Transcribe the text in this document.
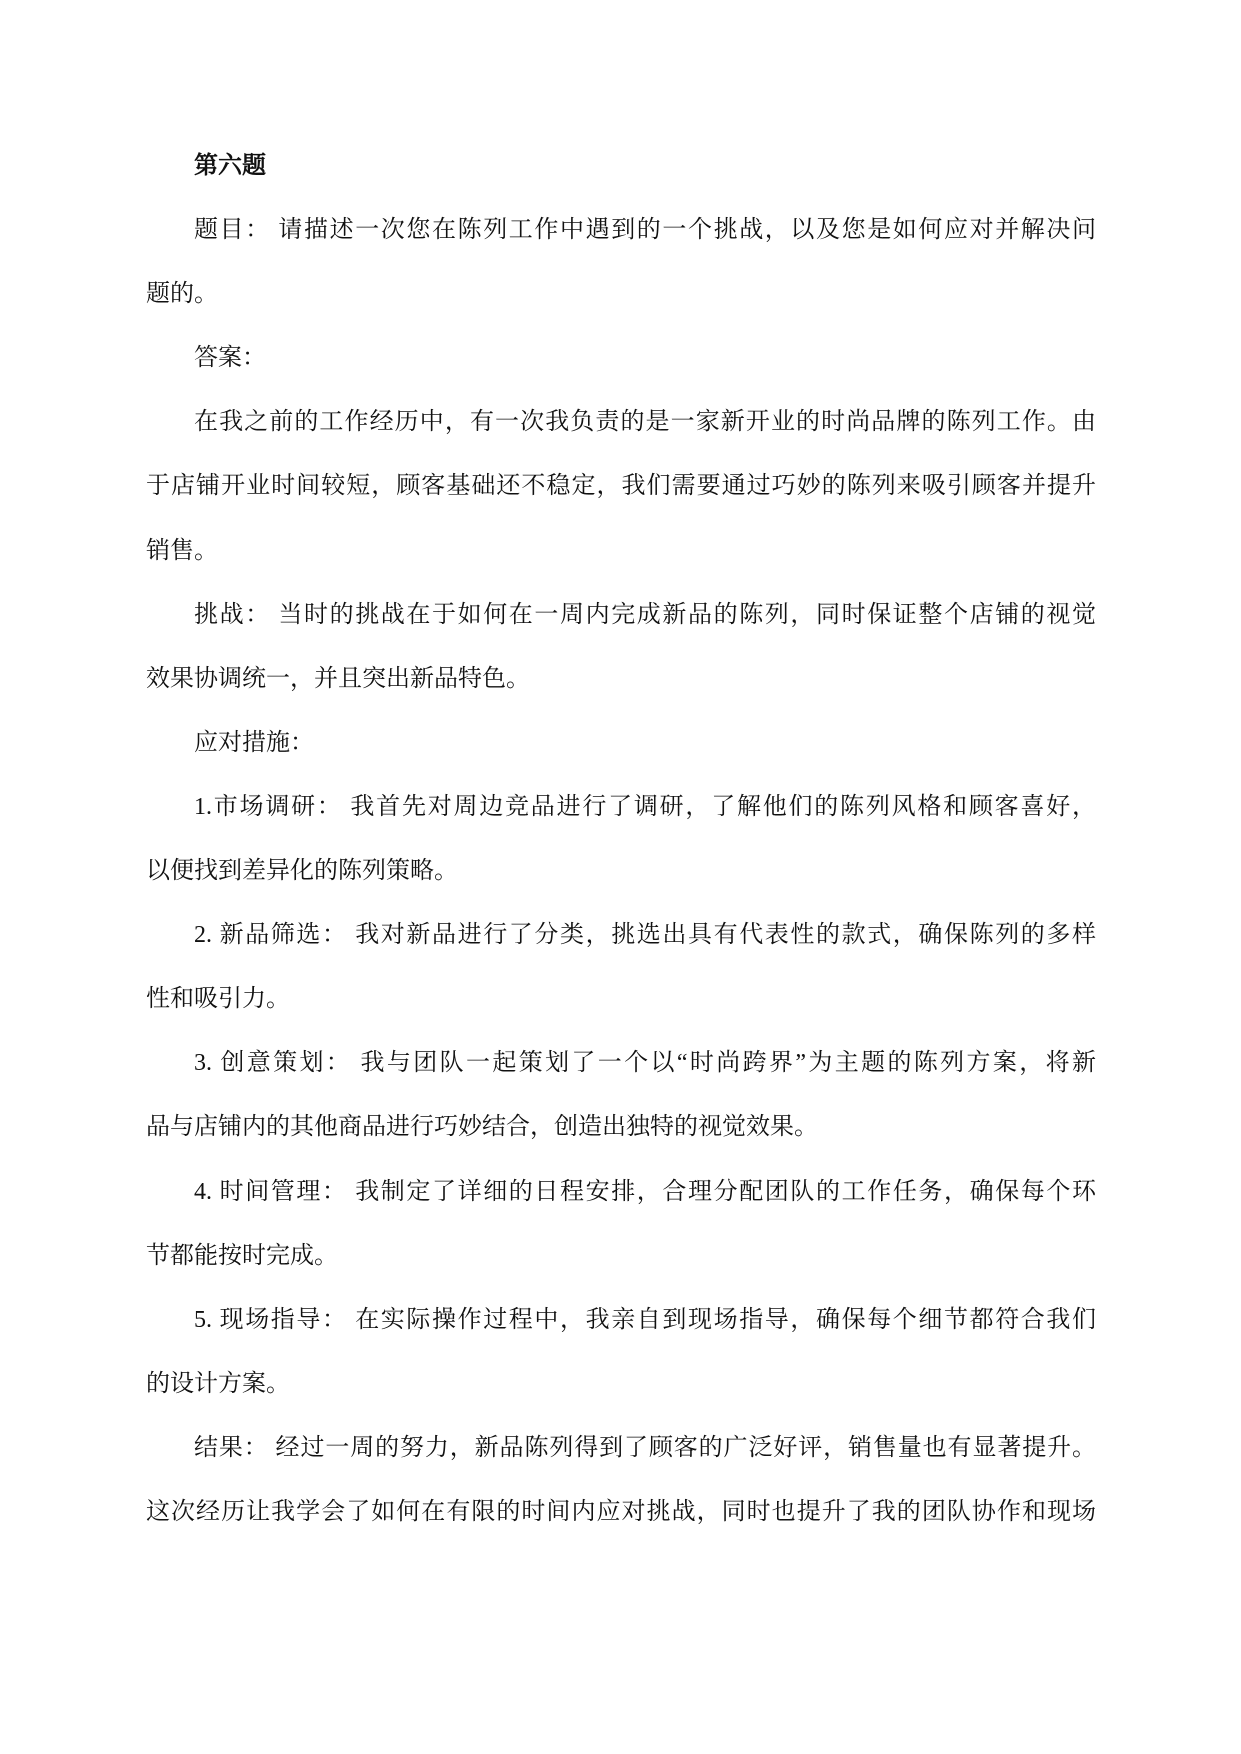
第六题
题目： 请描述一次您在陈列工作中遇到的一个挑战，以及您是如何应对并解决问
题的。
答案：
在我之前的工作经历中，有一次我负责的是一家新开业的时尚品牌的陈列工作。由
于店铺开业时间较短，顾客基础还不稳定，我们需要通过巧妙的陈列来吸引顾客并提升
销售。
挑战： 当时的挑战在于如何在一周内完成新品的陈列，同时保证整个店铺的视觉
效果协调统一，并且突出新品特色。
应对措施：
1.市场调研： 我首先对周边竞品进行了调研，了解他们的陈列风格和顾客喜好，
以便找到差异化的陈列策略。
2. 新品筛选： 我对新品进行了分类，挑选出具有代表性的款式，确保陈列的多样
性和吸引力。
3. 创意策划： 我与团队一起策划了一个以“时尚跨界”为主题的陈列方案，将新
品与店铺内的其他商品进行巧妙结合，创造出独特的视觉效果。
4. 时间管理： 我制定了详细的日程安排，合理分配团队的工作任务，确保每个环
节都能按时完成。
5. 现场指导： 在实际操作过程中，我亲自到现场指导，确保每个细节都符合我们
的设计方案。
结果： 经过一周的努力，新品陈列得到了顾客的广泛好评，销售量也有显著提升。
这次经历让我学会了如何在有限的时间内应对挑战，同时也提升了我的团队协作和现场
